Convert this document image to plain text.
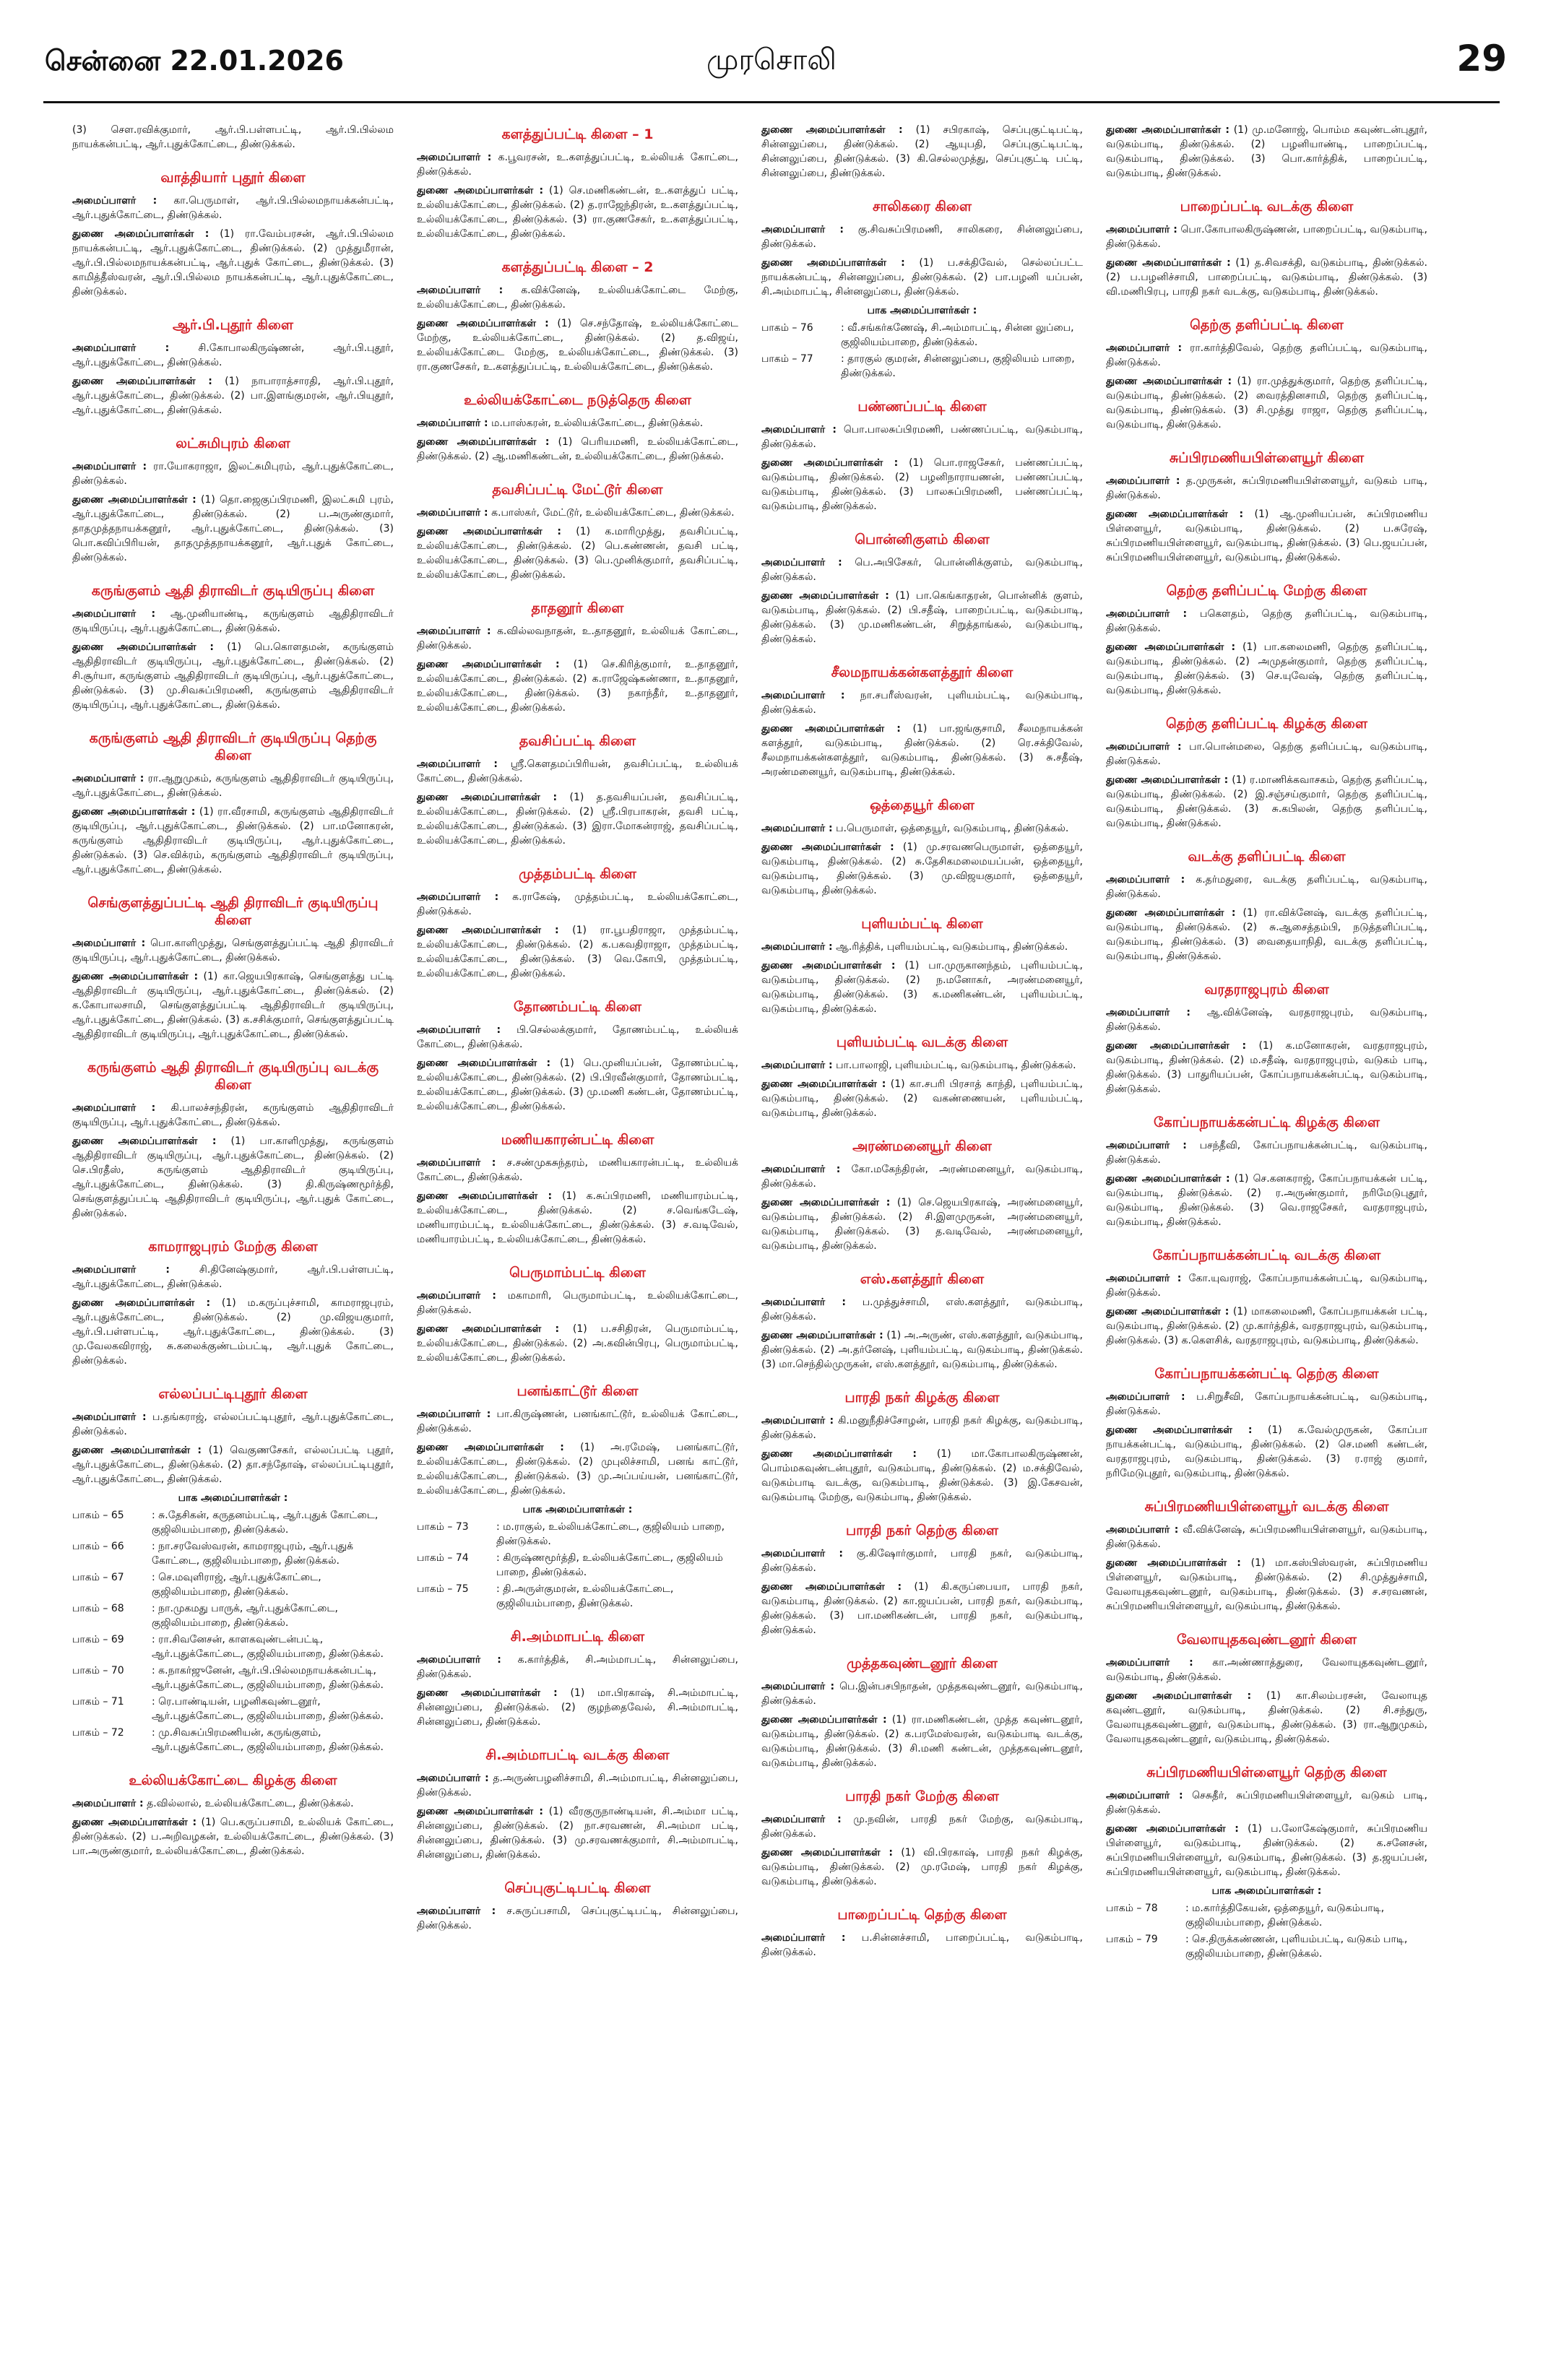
சென்னை 22.01.2026	முரசொலி	29
(3) சௌ.ரவிக்குமார், ஆர்.பி.பள்ளபட்டி, ஆர்.பி.பில்லம நாயக்கன்பட்டி, ஆர்.புதுக்கோட்டை, திண்டுக்கல்.
வாத்தியார் புதூர் கிளை
அமைப்பாளர் : கா.பெருமாள், ஆர்.பி.பில்லமநாயக்கன்பட்டி, ஆர்.புதுக்கோட்டை, திண்டுக்கல்.
துணை அமைப்பாளர்கள் : (1) ரா.வேம்பரசன், ஆர்.பி.பில்லம நாயக்கன்பட்டி, ஆர்.புதுக்கோட்டை, திண்டுக்கல். (2) முத்துமீரான், ஆர்.பி.பில்லமநாயக்கன்பட்டி, ஆர்.புதுக் கோட்டை, திண்டுக்கல். (3) காமித்தீஸ்வரன், ஆர்.பி.பில்லம நாயக்கன்பட்டி, ஆர்.புதுக்கோட்டை, திண்டுக்கல்.
ஆர்.பி.புதூர் கிளை
அமைப்பாளர் :	சி.கோபாலகிருஷ்ணன், ஆர்.பி.புதூர், ஆர்.புதுக்கோட்டை, திண்டுக்கல்.
துணை அமைப்பாளர்கள் : (1) நாபாராத்சாரதி, ஆர்.பி.புதூர், ஆர்.புதுக்கோட்டை, திண்டுக்கல். (2) பா.இளங்குமரன், ஆர்.பியுதூர், ஆர்.புதுக்கோட்டை, திண்டுக்கல்.
லட்சுமிபுரம் கிளை
அமைப்பாளர் : ரா.யோகராஜா, இலட்சுமிபுரம், ஆர்.புதுக்கோட்டை, திண்டுக்கல்.
துணை அமைப்பாளர்கள் : (1) தொ.ஜைகுப்பிரமணி, இலட்சுமி புரம், ஆர்.புதுக்கோட்டை, திண்டுக்கல். (2) ப.அருண்குமார், தாதமுத்தநாயக்கனூர், ஆர்.புதுக்கோட்டை, திண்டுக்கல். (3) பொ.கவிப்பிரியன், தாதமுத்தநாயக்கனூர், ஆர்.புதுக் கோட்டை, திண்டுக்கல்.
கருங்குளம் ஆதி திராவிடர் குடியிருப்பு கிளை
அமைப்பாளர் : ஆ.முனியாண்டி, கருங்குளம் ஆதிதிராவிடர் குடியிருப்பு, ஆர்.புதுக்கோட்டை, திண்டுக்கல்.
துணை அமைப்பாளர்கள் : (1) பெ.கொளதமன், கருங்குளம் ஆதிதிராவிடர் குடியிருப்பு, ஆர்.புதுக்கோட்டை, திண்டுக்கல். (2) சி.சூர்யா, கருங்குளம் ஆதிதிராவிடர் குடியிருப்பு, ஆர்.புதுக்கோட்டை, திண்டுக்கல். (3) மு.சிவசுப்பிரமணி, கருங்குளம் ஆதிதிராவிடர் குடியிருப்பு, ஆர்.புதுக்கோட்டை, திண்டுக்கல்.
கருங்குளம் ஆதி திராவிடர் குடியிருப்பு தெற்கு கிளை
அமைப்பாளர் : ரா.ஆறுமுகம், கருங்குளம் ஆதிதிராவிடர் குடியிருப்பு, ஆர்.புதுக்கோட்டை, திண்டுக்கல்.
துணை அமைப்பாளர்கள் : (1) ரா.வீரசாமி, கருங்குளம் ஆதிதிராவிடர் குடியிருப்பு, ஆர்.புதுக்கோட்டை, திண்டுக்கல். (2) பா.மனோகரன், கருங்குளம் ஆதிதிராவிடர் குடியிருப்பு, ஆர்.புதுக்கோட்டை, திண்டுக்கல். (3) செ.விக்ரம், கருங்குளம் ஆதிதிராவிடர் குடியிருப்பு, ஆர்.புதுக்கோட்டை, திண்டுக்கல்.
செங்குளத்துப்பட்டி ஆதி திராவிடர் குடியிருப்பு கிளை
அமைப்பாளர் : பொ.காளிமுத்து, செங்குளத்துப்பட்டி ஆதி திராவிடர் குடியிருப்பு, ஆர்.புதுக்கோட்டை, திண்டுக்கல்.
துணை அமைப்பாளர்கள் : (1) கா.ஜெயபிரகாஷ், செங்குளத்து பட்டி ஆதிதிராவிடர் குடியிருப்பு, ஆர்.புதுக்கோட்டை, திண்டுக்கல். (2) க.கோபாலசாமி, செங்குளத்துப்பட்டி ஆதிதிராவிடர் குடியிருப்பு, ஆர்.புதுக்கோட்டை, திண்டுக்கல். (3) க.சசிக்குமார், செங்குளத்துப்பட்டி ஆதிதிராவிடர் குடியிருப்பு, ஆர்.புதுக்கோட்டை, திண்டுக்கல்.
கருங்குளம் ஆதி திராவிடர் குடியிருப்பு வடக்கு கிளை
அமைப்பாளர் : கி.பாலச்சந்திரன், கருங்குளம் ஆதிதிராவிடர் குடியிருப்பு, ஆர்.புதுக்கோட்டை, திண்டுக்கல்.
துணை அமைப்பாளர்கள் : (1) பா.காளிமுத்து, கருங்குளம் ஆதிதிராவிடர் குடியிருப்பு, ஆர்.புதுக்கோட்டை, திண்டுக்கல். (2) செ.பிரதீஸ், கருங்குளம் ஆதிதிராவிடர் குடியிருப்பு, ஆர்.புதுக்கோட்டை, திண்டுக்கல். (3) தி.கிருஷ்ணமூர்த்தி, செங்குளத்துப்பட்டி ஆதிதிராவிடர் குடியிருப்பு, ஆர்.புதுக் கோட்டை, திண்டுக்கல்.
காமராஜபுரம் மேற்கு கிளை
அமைப்பாளர் :	சி.தினேஷ்குமார், ஆர்.பி.பள்ளபட்டி, ஆர்.புதுக்கோட்டை, திண்டுக்கல்.
துணை அமைப்பாளர்கள் : (1) ம.கருப்புச்சாமி, காமராஜபுரம், ஆர்.புதுக்கோட்டை, திண்டுக்கல். (2) மு.விஜயகுமார், ஆர்.பி.பள்ளபட்டி, ஆர்.புதுக்கோட்டை, திண்டுக்கல். (3) மு.வேலகவிராஜ், சு.கலைக்குண்டம்பட்டி, ஆர்.புதுக் கோட்டை, திண்டுக்கல்.
எல்லப்பட்டிபுதூர் கிளை
அமைப்பாளர் : ப.தங்கராஜ், எல்லப்பட்டிபுதூர், ஆர்.புதுக்கோட்டை, திண்டுக்கல்.
துணை அமைப்பாளர்கள் : (1) வெகுணசேகர், எல்லப்பட்டி புதூர், ஆர்.புதுக்கோட்டை, திண்டுக்கல். (2) தா.சந்தோஷ், எல்லப்பட்டிபுதூர், ஆர்.புதுக்கோட்டை, திண்டுக்கல்.
பாக அமைப்பாளர்கள் :
பாகம் – 65	: சு.தேசிகன், கருதனம்பட்டி, ஆர்.புதுக் கோட்டை, குஜிலியம்பாறை, திண்டுக்கல்.
பாகம் – 66	: நா.சரவேஸ்வரன், காமராஜபுரம், ஆர்.புதுக் கோட்டை, குஜிலியம்பாறை, திண்டுக்கல்.
பாகம் – 67	: செ.மவுளிராஜ், ஆர்.புதுக்கோட்டை, குஜிலியம்பாறை, திண்டுக்கல்.
பாகம் – 68	: நா.முகமது பாருக், ஆர்.புதுக்கோட்டை, குஜிலியம்பாறை, திண்டுக்கல்.
பாகம் – 69	: ரா.சிவனேசன், காளகவுண்டன்பட்டி, ஆர்.புதுக்கோட்டை, குஜிலியம்பாறை, திண்டுக்கல்.
பாகம் – 70	: க.நாகர்ஜுனேன், ஆர்.பி.பில்லமநாயக்கன்பட்டி, ஆர்.புதுக்கோட்டை, குஜிலியம்பாறை, திண்டுக்கல்.
பாகம் – 71	: ரெ.பாண்டியன், பழனிகவுண்டனூர், ஆர்.புதுக்கோட்டை, குஜிலியம்பாறை, திண்டுக்கல்.
பாகம் – 72	: மு.சிவசுப்பிரமணியன், கருங்குளம், ஆர்.புதுக்கோட்டை, குஜிலியம்பாறை, திண்டுக்கல்.
உல்லியக்கோட்டை கிழக்கு கிளை
அமைப்பாளர் : த.வில்லால், உல்லியக்கோட்டை, திண்டுக்கல்.
துணை அமைப்பாளர்கள் : (1) பெ.கருப்பசாமி, உல்லியக் கோட்டை, திண்டுக்கல். (2) ப.அறிவழகன், உல்லியக்கோட்டை, திண்டுக்கல். (3) பா.அருண்குமார், உல்லியக்கோட்டை, திண்டுக்கல்.
களத்துப்பட்டி கிளை – 1
அமைப்பாளர் : க.பூவரசன், உ.களத்துப்பட்டி, உல்லியக் கோட்டை, திண்டுக்கல்.
துணை அமைப்பாளர்கள் : (1) செ.மணிகண்டன், உ.களத்துப் பட்டி, உல்லியக்கோட்டை, திண்டுக்கல். (2) த.ராஜேந்திரன், உ.களத்துப்பட்டி, உல்லியக்கோட்டை, திண்டுக்கல். (3) ரா.குணசேகர், உ.களத்துப்பட்டி, உல்லியக்கோட்டை, திண்டுக்கல்.
களத்துப்பட்டி கிளை – 2
அமைப்பாளர் : க.விக்னேஷ், உல்லியக்கோட்டை மேற்கு, உல்லியக்கோட்டை, திண்டுக்கல்.
துணை அமைப்பாளர்கள் : (1) செ.சந்தோஷ், உல்லியக்கோட்டை மேற்கு, உல்லியக்கோட்டை, திண்டுக்கல். (2) த.விஜய், உல்லியக்கோட்டை மேற்கு, உல்லியக்கோட்டை, திண்டுக்கல். (3) ரா.குணசேகர், உ.களத்துப்பட்டி, உல்லியக்கோட்டை, திண்டுக்கல்.
உல்லியக்கோட்டை நடுத்தெரு கிளை
அமைப்பாளர் : ம.பாஸ்கரன், உல்லியக்கோட்டை, திண்டுக்கல்.
துணை அமைப்பாளர்கள் : (1) பெரியமணி, உல்லியக்கோட்டை, திண்டுக்கல். (2) ஆ.மணிகண்டன், உல்லியக்கோட்டை, திண்டுக்கல்.
தவசிப்பட்டி மேட்டூர் கிளை
அமைப்பாளர் : க.பாஸ்கர், மேட்டூர், உல்லியக்கோட்டை, திண்டுக்கல்.
துணை அமைப்பாளர்கள் : (1) க.மாரிமுத்து, தவசிப்பட்டி, உல்லியக்கோட்டை, திண்டுக்கல். (2) பெ.கண்ணன், தவசி பட்டி, உல்லியக்கோட்டை, திண்டுக்கல். (3) பெ.முனிக்குமார், தவசிப்பட்டி, உல்லியக்கோட்டை, திண்டுக்கல்.
தாதனூர் கிளை
அமைப்பாளர் : க.வில்லவநாதன், உ.தாதனூர், உல்லியக் கோட்டை, திண்டுக்கல்.
துணை அமைப்பாளர்கள் : (1) செ.கிரித்குமார், உ.தாதனூர், உல்லியக்கோட்டை, திண்டுக்கல். (2) க.ராஜேஷ்கண்ணா, உ.தாதனூர், உல்லியக்கோட்டை, திண்டுக்கல். (3) நகாந்தீர், உ.தாதனூர், உல்லியக்கோட்டை, திண்டுக்கல்.
தவசிப்பட்டி கிளை
அமைப்பாளர் : ஸ்ரீ.கௌதமப்பிரியன், தவசிப்பட்டி, உல்லியக் கோட்டை, திண்டுக்கல்.
துணை அமைப்பாளர்கள் : (1) த.தவசியப்பன், தவசிப்பட்டி, உல்லியக்கோட்டை, திண்டுக்கல். (2) ஸ்ரீ.பிரபாகரன், தவசி பட்டி, உல்லியக்கோட்டை, திண்டுக்கல். (3) இரா.மோகன்ராஜ், தவசிப்பட்டி, உல்லியக்கோட்டை, திண்டுக்கல்.
முத்தம்பட்டி கிளை
அமைப்பாளர் : க.ராகேஷ், முத்தம்பட்டி, உல்லியக்கோட்டை, திண்டுக்கல்.
துணை அமைப்பாளர்கள் : (1) ரா.பூபதிராஜா, முத்தம்பட்டி, உல்லியக்கோட்டை, திண்டுக்கல். (2) க.பகவதிராஜா, முத்தம்பட்டி, உல்லியக்கோட்டை, திண்டுக்கல். (3) வெ.கோபி, முத்தம்பட்டி, உல்லியக்கோட்டை, திண்டுக்கல்.
தோணம்பட்டி கிளை
அமைப்பாளர் : பி.செல்லக்குமார், தோணம்பட்டி, உல்லியக் கோட்டை, திண்டுக்கல்.
துணை அமைப்பாளர்கள் : (1) பெ.முனியப்பன், தோணம்பட்டி, உல்லியக்கோட்டை, திண்டுக்கல். (2) பி.பிரவீன்குமார், தோணம்பட்டி, உல்லியக்கோட்டை, திண்டுக்கல். (3) மு.மணி கண்டன், தோணம்பட்டி, உல்லியக்கோட்டை, திண்டுக்கல்.
மணியகாரன்பட்டி கிளை
அமைப்பாளர் : ச.சண்முகசுந்தரம், மணியகாரன்பட்டி, உல்லியக் கோட்டை, திண்டுக்கல்.
துணை அமைப்பாளர்கள் : (1) க.சுப்பிரமணி, மணியாரம்பட்டி, உல்லியக்கோட்டை, திண்டுக்கல். (2) ச.வெங்கடேஷ், மணியாரம்பட்டி, உல்லியக்கோட்டை, திண்டுக்கல். (3) ச.வடிவேல், மணியாரம்பட்டி, உல்லியக்கோட்டை, திண்டுக்கல்.
பெருமாம்பட்டி கிளை
அமைப்பாளர் : மகாமாரி, பெருமாம்பட்டி, உல்லியக்கோட்டை, திண்டுக்கல்.
துணை அமைப்பாளர்கள் : (1) ப.சசிதிரன், பெருமாம்பட்டி, உல்லியக்கோட்டை, திண்டுக்கல். (2) அ.கவின்பிரபு, பெருமாம்பட்டி, உல்லியக்கோட்டை, திண்டுக்கல்.
பனங்காட்டூர் கிளை
அமைப்பாளர் : பா.கிருஷ்ணன், பனங்காட்டூர், உல்லியக் கோட்டை, திண்டுக்கல்.
துணை அமைப்பாளர்கள் : (1) அ.ரமேஷ், பனங்காட்டூர், உல்லியக்கோட்டை, திண்டுக்கல். (2) முபுலிச்சாமி, பனங் காட்டூர், உல்லியக்கோட்டை, திண்டுக்கல். (3) மு.அப்பய்யன், பனங்காட்டூர், உல்லியக்கோட்டை, திண்டுக்கல்.
பாக அமைப்பாளர்கள் :
பாகம் – 73	: ம.ராகுல், உல்லியக்கோட்டை, குஜிலியம் பாறை, திண்டுக்கல்.
பாகம் – 74	: கிருஷ்ணமூர்த்தி, உல்லியக்கோட்டை, குஜிலியம் பாறை, திண்டுக்கல்.
பாகம் – 75	: தி.அருள்குமரன், உல்லியக்கோட்டை, குஜிலியம்பாறை, திண்டுக்கல்.
சி.அம்மாபட்டி கிளை
அமைப்பாளர் : க.கார்த்திக், சி.அம்மாபட்டி, சின்னலுப்பை, திண்டுக்கல்.
துணை அமைப்பாளர்கள் : (1) மா.பிரகாஷ், சி.அம்மாபட்டி, சின்னலுப்பை, திண்டுக்கல். (2) குழந்தைவேல், சி.அம்மாபட்டி, சின்னலுப்பை, திண்டுக்கல்.
சி.அம்மாபட்டி வடக்கு கிளை
அமைப்பாளர் : த.அருண்பழனிச்சாமி, சி.அம்மாபட்டி, சின்னலுப்பை, திண்டுக்கல்.
துணை அமைப்பாளர்கள் : (1) வீரகுருநாண்டியன், சி.அம்மா பட்டி, சின்னலுப்பை, திண்டுக்கல். (2) நா.சரவணன், சி.அம்மா பட்டி, சின்னலுப்பை, திண்டுக்கல். (3) மு.சரவணக்குமார், சி.அம்மாபட்டி, சின்னலுப்பை, திண்டுக்கல்.
செப்புகுட்டிபட்டி கிளை
அமைப்பாளர் : ச.சுருப்பசாமி, செப்புகுட்டிபட்டி, சின்னலுப்பை, திண்டுக்கல்.
துணை அமைப்பாளர்கள் : (1) சபிரகாஷ், செப்புகுட்டிபட்டி, சின்னலுப்பை, திண்டுக்கல். (2) ஆயுபதி, செப்புகுட்டிபட்டி, சின்னலுப்பை, திண்டுக்கல். (3) கி.செல்லமுத்து, செப்புகுட்டி பட்டி, சின்னலுப்பை, திண்டுக்கல்.
சாலிகரை கிளை
அமைப்பாளர் : கு.சிவசுப்பிரமணி, சாலிகரை, சின்னலுப்பை, திண்டுக்கல்.
துணை அமைப்பாளர்கள் : (1) ப.சக்திவேல், செல்லப்பட்ட நாயக்கன்பட்டி, சின்னலுப்பை, திண்டுக்கல். (2) பா.பழனி யப்பன், சி.அம்மாபட்டி, சின்னலுப்பை, திண்டுக்கல்.
பாக அமைப்பாளர்கள் :
பாகம் – 76	: வீ.சங்கர்கணேஷ், சி.அம்மாபட்டி, சின்ன லுப்பை, குஜிலியம்பாறை, திண்டுக்கல்.
பாகம் – 77	: தாரகுல் குமரன், சின்னலுப்பை, குஜிலியம் பாறை, திண்டுக்கல்.
பண்ணப்பட்டி கிளை
அமைப்பாளர் : பொ.பாலசுப்பிரமணி, பண்ணப்பட்டி, வடுகம்பாடி, திண்டுக்கல்.
துணை அமைப்பாளர்கள் : (1) பொ.ராஜசேகர், பண்ணப்பட்டி, வடுகம்பாடி, திண்டுக்கல். (2) பழனிநாராயணன், பண்ணப்பட்டி, வடுகம்பாடி, திண்டுக்கல். (3) பாலசுப்பிரமணி, பண்ணப்பட்டி, வடுகம்பாடி, திண்டுக்கல்.
பொன்னிகுளம் கிளை
அமைப்பாளர் : பெ.அபிசேகர், பொன்னிக்குளம், வடுகம்பாடி, திண்டுக்கல்.
துணை அமைப்பாளர்கள் : (1) பா.கெங்காதரன், பொன்னிக் குளம், வடுகம்பாடி, திண்டுக்கல். (2) பி.சதீஷ், பாறைப்பட்டி, வடுகம்பாடி, திண்டுக்கல். (3) மு.மணிகண்டன், சிறுத்தாங்கல், வடுகம்பாடி, திண்டுக்கல்.
சீலமநாயக்கன்களத்தூர் கிளை
அமைப்பாளர் : நா.சபரீஸ்வரன், புளியம்பட்டி, வடுகம்பாடி, திண்டுக்கல்.
துணை அமைப்பாளர்கள் : (1) பா.ஜங்குசாமி, சீலமநாயக்கன் களத்தூர், வடுகம்பாடி, திண்டுக்கல். (2) ரெ.சக்திவேல், சீலமநாயக்கன்களத்தூர், வடுகம்பாடி, திண்டுக்கல். (3) சு.சதீஷ், அரண்மனையூர், வடுகம்பாடி, திண்டுக்கல்.
ஒத்தையூர் கிளை
அமைப்பாளர் : ப.பெருமாள், ஒத்தையூர், வடுகம்பாடி, திண்டுக்கல்.
துணை அமைப்பாளர்கள் : (1) மு.சரவணபெருமாள், ஒத்தையூர், வடுகம்பாடி, திண்டுக்கல். (2) சு.தேசிகமலைமயப்பன், ஒத்தையூர், வடுகம்பாடி, திண்டுக்கல். (3) மு.விஜயகுமார், ஒத்தையூர், வடுகம்பாடி, திண்டுக்கல்.
புளியம்பட்டி கிளை
அமைப்பாளர் : ஆ.ரித்திக், புளியம்பட்டி, வடுகம்பாடி, திண்டுக்கல்.
துணை அமைப்பாளர்கள் : (1) பா.முருகானந்தம், புளியம்பட்டி, வடுகம்பாடி, திண்டுக்கல். (2) ந.மனோகர், அரண்மனையூர், வடுகம்பாடி, திண்டுக்கல். (3) க.மணிகண்டன், புளியம்பட்டி, வடுகம்பாடி, திண்டுக்கல்.
புளியம்பட்டி வடக்கு கிளை
அமைப்பாளர் : பா.பாலாஜி, புளியம்பட்டி, வடுகம்பாடி, திண்டுக்கல்.
துணை அமைப்பாளர்கள் : (1) கா.சபரி பிரசாத் காந்தி, புளியம்பட்டி, வடுகம்பாடி, திண்டுக்கல். (2) வகண்ணையன், புளியம்பட்டி, வடுகம்பாடி, திண்டுக்கல்.
அரண்மனையூர் கிளை
அமைப்பாளர் : கோ.மகேந்திரன், அரண்மனையூர், வடுகம்பாடி, திண்டுக்கல்.
துணை அமைப்பாளர்கள் : (1) செ.ஜெயபிரகாஷ், அரண்மனையூர், வடுகம்பாடி, திண்டுக்கல். (2) சி.இளமுருகன், அரண்மனையூர், வடுகம்பாடி, திண்டுக்கல். (3) த.வடிவேல், அரண்மனையூர், வடுகம்பாடி, திண்டுக்கல்.
எஸ்.களத்தூர் கிளை
அமைப்பாளர் : ப.முத்துச்சாமி, எஸ்.களத்தூர், வடுகம்பாடி, திண்டுக்கல்.
துணை அமைப்பாளர்கள் : (1) அ.அருண், எஸ்.களத்தூர், வடுகம்பாடி, திண்டுக்கல். (2) அ.தர்னேஷ், புளியம்பட்டி, வடுகம்பாடி, திண்டுக்கல். (3) மா.செந்தில்முருகன், எஸ்.களத்தூர், வடுகம்பாடி, திண்டுக்கல்.
பாரதி நகர் கிழக்கு கிளை
அமைப்பாளர் : கி.மனுநீதிச்சோழன், பாரதி நகர் கிழக்கு, வடுகம்பாடி, திண்டுக்கல்.
துணை அமைப்பாளர்கள் : (1) மா.கோபாலகிருஷ்ணன், பொம்மகவுண்டன்புதூர், வடுகம்பாடி, திண்டுக்கல். (2) ம.சக்திவேல், வடுகம்பாடி வடக்கு, வடுகம்பாடி, திண்டுக்கல். (3) இ.கேசவன், வடுகம்பாடி மேற்கு, வடுகம்பாடி, திண்டுக்கல்.
பாரதி நகர் தெற்கு கிளை
அமைப்பாளர் : கு.கிஷோர்குமார், பாரதி நகர், வடுகம்பாடி, திண்டுக்கல்.
துணை அமைப்பாளர்கள் : (1) கி.கருப்பையா, பாரதி நகர், வடுகம்பாடி, திண்டுக்கல். (2) கா.ஜயப்பன், பாரதி நகர், வடுகம்பாடி, திண்டுக்கல். (3) பா.மணிகண்டன், பாரதி நகர், வடுகம்பாடி, திண்டுக்கல்.
முத்தகவுண்டனூர் கிளை
அமைப்பாளர் : பெ.இன்பசபிநாதன், முத்தகவுண்டனூர், வடுகம்பாடி, திண்டுக்கல்.
துணை அமைப்பாளர்கள் : (1) ரா.மணிகண்டன், முத்த கவுண்டனூர், வடுகம்பாடி, திண்டுக்கல். (2) க.பரமேஸ்வரன், வடுகம்பாடி வடக்கு, வடுகம்பாடி, திண்டுக்கல். (3) சி.மணி கண்டன், முத்தகவுண்டனூர், வடுகம்பாடி, திண்டுக்கல்.
பாரதி நகர் மேற்கு கிளை
அமைப்பாளர் : மு.நவின், பாரதி நகர் மேற்கு, வடுகம்பாடி, திண்டுக்கல்.
துணை அமைப்பாளர்கள் : (1) வி.பிரகாஷ், பாரதி நகர் கிழக்கு, வடுகம்பாடி, திண்டுக்கல். (2) மு.ரமேஷ், பாரதி நகர் கிழக்கு, வடுகம்பாடி, திண்டுக்கல்.
பாறைப்பட்டி தெற்கு கிளை
அமைப்பாளர் : ப.சின்னச்சாமி, பாறைப்பட்டி, வடுகம்பாடி, திண்டுக்கல்.
துணை அமைப்பாளர்கள் : (1) மு.மனோஜ், பொம்ம கவுண்டன்புதூர், வடுகம்பாடி, திண்டுக்கல். (2) பழனியாண்டி, பாறைப்பட்டி, வடுகம்பாடி, திண்டுக்கல். (3) பொ.கார்த்திக், பாறைப்பட்டி, வடுகம்பாடி, திண்டுக்கல்.
பாறைப்பட்டி வடக்கு கிளை
அமைப்பாளர் : பொ.கோபாலகிருஷ்ணன், பாறைப்பட்டி, வடுகம்பாடி, திண்டுக்கல்.
துணை அமைப்பாளர்கள் : (1) த.சிவசக்தி, வடுகம்பாடி, திண்டுக்கல். (2) ப.பழனிச்சாமி, பாறைப்பட்டி, வடுகம்பாடி, திண்டுக்கல். (3) வி.மணிபிரபு, பாரதி நகர் வடக்கு, வடுகம்பாடி, திண்டுக்கல்.
தெற்கு தளிப்பட்டி கிளை
அமைப்பாளர் : ரா.கார்த்திவேல், தெற்கு தளிப்பட்டி, வடுகம்பாடி, திண்டுக்கல்.
துணை அமைப்பாளர்கள் : (1) ரா.முத்துக்குமார், தெற்கு தளிப்பட்டி, வடுகம்பாடி, திண்டுக்கல். (2) வைரத்தினசாமி, தெற்கு தளிப்பட்டி, வடுகம்பாடி, திண்டுக்கல். (3) சி.முத்து ராஜா, தெற்கு தளிப்பட்டி, வடுகம்பாடி, திண்டுக்கல்.
சுப்பிரமணியபிள்ளையூர் கிளை
அமைப்பாளர் : த.முருகன், சுப்பிரமணியபிள்ளையூர், வடுகம் பாடி, திண்டுக்கல்.
துணை அமைப்பாளர்கள் : (1) ஆ.முனியப்பன், சுப்பிரமணிய பிள்ளையூர், வடுகம்பாடி, திண்டுக்கல். (2) ப.சுரேஷ், சுப்பிரமணியபிள்ளையூர், வடுகம்பாடி, திண்டுக்கல். (3) பெ.ஜயப்பன், சுப்பிரமணியபிள்ளையூர், வடுகம்பாடி, திண்டுக்கல்.
தெற்கு தளிப்பட்டி மேற்கு கிளை
அமைப்பாளர் : பகௌதம், தெற்கு தளிப்பட்டி, வடுகம்பாடி, திண்டுக்கல்.
துணை அமைப்பாளர்கள் : (1) பா.கலைமணி, தெற்கு தளிப்பட்டி, வடுகம்பாடி, திண்டுக்கல். (2) அமுதன்குமார், தெற்கு தளிப்பட்டி, வடுகம்பாடி, திண்டுக்கல். (3) செ.யுவேஷ், தெற்கு தளிப்பட்டி, வடுகம்பாடி, திண்டுக்கல்.
தெற்கு தளிப்பட்டி கிழக்கு கிளை
அமைப்பாளர் : பா.பொன்மலை, தெற்கு தளிப்பட்டி, வடுகம்பாடி, திண்டுக்கல்.
துணை அமைப்பாளர்கள் : (1) ர.மாணிக்கவாசகம், தெற்கு தளிப்பட்டி, வடுகம்பாடி, திண்டுக்கல். (2) இ.சஞ்சய்குமார், தெற்கு தளிப்பட்டி, வடுகம்பாடி, திண்டுக்கல். (3) சு.கபிலன், தெற்கு தளிப்பட்டி, வடுகம்பாடி, திண்டுக்கல்.
வடக்கு தளிப்பட்டி கிளை
அமைப்பாளர் : க.தர்மதுரை, வடக்கு தளிப்பட்டி, வடுகம்பாடி, திண்டுக்கல்.
துணை அமைப்பாளர்கள் : (1) ரா.விக்னேஷ், வடக்கு தளிப்பட்டி, வடுகம்பாடி, திண்டுக்கல். (2) சு.ஆசைத்தம்பி, நடுத்தளிப்பட்டி, வடுகம்பாடி, திண்டுக்கல். (3) வைதையாநிதி, வடக்கு தளிப்பட்டி, வடுகம்பாடி, திண்டுக்கல்.
வரதராஜபுரம் கிளை
அமைப்பாளர் : ஆ.விக்னேஷ், வரதராஜபுரம், வடுகம்பாடி, திண்டுக்கல்.
துணை அமைப்பாளர்கள் : (1) க.மனோகரன், வரதராஜபுரம், வடுகம்பாடி, திண்டுக்கல். (2) ம.சதீஷ், வரதராஜபுரம், வடுகம் பாடி, திண்டுக்கல். (3) பாதுரியப்பன், கோப்பநாயக்கன்பட்டி, வடுகம்பாடி, திண்டுக்கல்.
கோப்பநாயக்கன்பட்டி கிழக்கு கிளை
அமைப்பாளர் : பசந்தீவி, கோப்பநாயக்கன்பட்டி, வடுகம்பாடி, திண்டுக்கல்.
துணை அமைப்பாளர்கள் : (1) செ.கனகராஜ், கோப்பநாயக்கன் பட்டி, வடுகம்பாடி, திண்டுக்கல். (2) ர.அருண்குமார், நரிமேடுபுதூர், வடுகம்பாடி, திண்டுக்கல். (3) வெ.ராஜசேகர், வரதராஜபுரம், வடுகம்பாடி, திண்டுக்கல்.
கோப்பநாயக்கன்பட்டி வடக்கு கிளை
அமைப்பாளர் : கோ.யுவராஜ், கோப்பநாயக்கன்பட்டி, வடுகம்பாடி, திண்டுக்கல்.
துணை அமைப்பாளர்கள் : (1) மாகலைமணி, கோப்பநாயக்கன் பட்டி, வடுகம்பாடி, திண்டுக்கல். (2) மு.கார்த்திக், வரதராஜபுரம், வடுகம்பாடி, திண்டுக்கல். (3) க.கௌசிக், வரதராஜபுரம், வடுகம்பாடி, திண்டுக்கல்.
கோப்பநாயக்கன்பட்டி தெற்கு கிளை
அமைப்பாளர் : ப.சிறுசீவி, கோப்பநாயக்கன்பட்டி, வடுகம்பாடி, திண்டுக்கல்.
துணை அமைப்பாளர்கள் : (1) க.வேல்முருகன், கோப்பா நாயக்கன்பட்டி, வடுகம்பாடி, திண்டுக்கல். (2) செ.மணி கண்டன், வரதராஜபுரம், வடுகம்பாடி, திண்டுக்கல். (3) ர.ராஜ் குமார், நரிமேடுபுதூர், வடுகம்பாடி, திண்டுக்கல்.
சுப்பிரமணியபிள்ளையூர் வடக்கு கிளை
அமைப்பாளர் : வீ.விக்னேஷ், சுப்பிரமணியபிள்ளையூர், வடுகம்பாடி, திண்டுக்கல்.
துணை அமைப்பாளர்கள் : (1) மா.கஸ்பிஸ்வரன், சுப்பிரமணிய பிள்ளையூர், வடுகம்பாடி, திண்டுக்கல். (2) சி.முத்துச்சாமி, வேலாயுதகவுண்டனூர், வடுகம்பாடி, திண்டுக்கல். (3) ச.சரவணன், சுப்பிரமணியபிள்ளையூர், வடுகம்பாடி, திண்டுக்கல்.
வேலாயுதகவுண்டனூர் கிளை
அமைப்பாளர் : கா.அண்ணாத்துரை, வேலாயுதகவுண்டனூர், வடுகம்பாடி, திண்டுக்கல்.
துணை அமைப்பாளர்கள் : (1) கா.சிலம்பரசன், வேலாயுத கவுண்டனூர், வடுகம்பாடி, திண்டுக்கல். (2) சி.சந்துரு, வேலாயுதகவுண்டனூர், வடுகம்பாடி, திண்டுக்கல். (3) ரா.ஆறுமுகம், வேலாயுதகவுண்டனூர், வடுகம்பாடி, திண்டுக்கல்.
சுப்பிரமணியபிள்ளையூர் தெற்கு கிளை
அமைப்பாளர் : செசுதீர், சுப்பிரமணியபிள்ளையூர், வடுகம் பாடி, திண்டுக்கல்.
துணை அமைப்பாளர்கள் : (1) ப.லோகேஷ்குமார், சுப்பிரமணிய பிள்ளையூர், வடுகம்பாடி, திண்டுக்கல். (2) க.சனேசன், சுப்பிரமணியபிள்ளையூர், வடுகம்பாடி, திண்டுக்கல். (3) த.ஜயப்பன், சுப்பிரமணியபிள்ளையூர், வடுகம்பாடி, திண்டுக்கல்.
பாக அமைப்பாளர்கள் :
பாகம் – 78	: ம.கார்த்திகேயன், ஒத்தையூர், வடுகம்பாடி, குஜிலியம்பாறை, திண்டுக்கல்.
பாகம் – 79	: செ.திருக்கண்ணன், புளியம்பட்டி, வடுகம் பாடி, குஜிலியம்பாறை, திண்டுக்கல்.
